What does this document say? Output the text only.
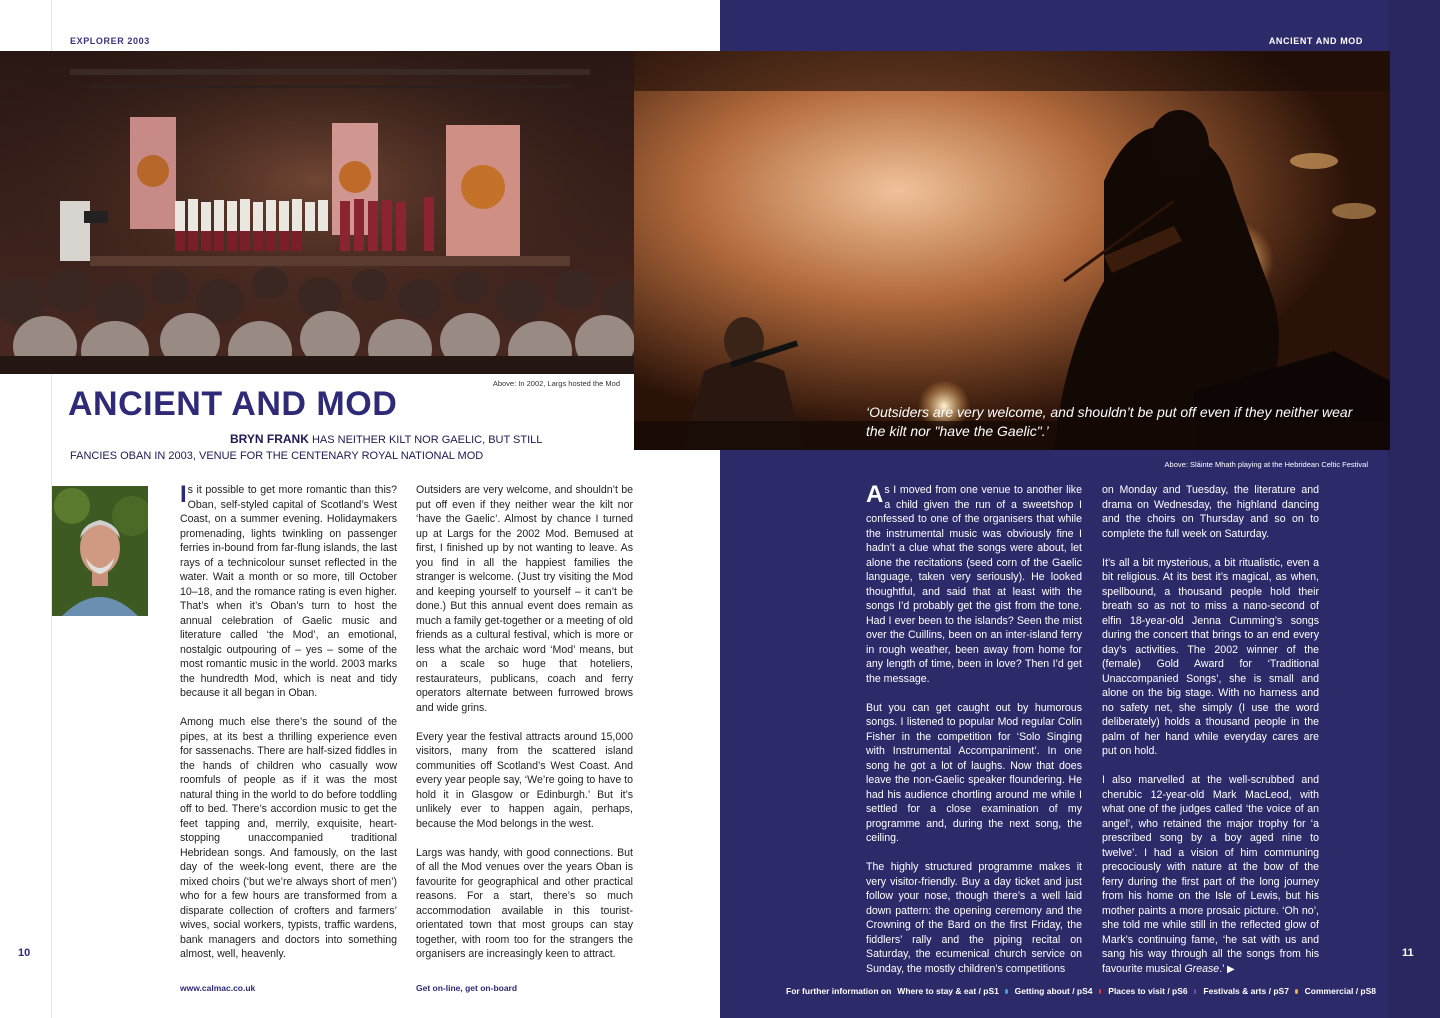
EXPLORER 2003	ANCIENT AND MOD
Above: In 2002, Largs hosted the Mod
‘Outsiders are very welcome, and shouldn’t be put off even if they neither wear the kilt nor "have the Gaelic".’
Above: Sláinte Mhath playing at the Hebridean Celtic Festival
ANCIENT AND MOD
BRYN FRANK HAS NEITHER KILT NOR GAELIC, BUT STILL FANCIES OBAN IN 2003, VENUE FOR THE CENTENARY ROYAL NATIONAL MOD

Is it possible to get more romantic than this? Oban, self-styled capital of Scotland’s West Coast, on a summer evening. Holidaymakers promenading, lights twinkling on passenger ferries in-bound from far-flung islands, the last rays of a technicolour sunset reflected in the water. Wait a month or so more, till October 10–18, and the romance rating is even higher. That’s when it’s Oban’s turn to host the annual celebration of Gaelic music and literature called ‘the Mod’, an emotional, nostalgic outpouring of – yes – some of the most romantic music in the world. 2003 marks the hundredth Mod, which is neat and tidy because it all began in Oban.

Among much else there’s the sound of the pipes, at its best a thrilling experience even for sassenachs. There are half-sized fiddles in the hands of children who casually wow roomfuls of people as if it was the most natural thing in the world to do before toddling off to bed. There’s accordion music to get the feet tapping and, merrily, exquisite, heart-stopping unaccompanied traditional Hebridean songs. And famously, on the last day of the week-long event, there are the mixed choirs (‘but we’re always short of men’) who for a few hours are transformed from a disparate collection of crofters and farmers’ wives, social workers, typists, traffic wardens, bank managers and doctors into something almost, well, heavenly.

Outsiders are very welcome, and shouldn’t be put off even if they neither wear the kilt nor ‘have the Gaelic’. Almost by chance I turned up at Largs for the 2002 Mod. Bemused at first, I finished up by not wanting to leave. As you find in all the happiest families the stranger is welcome. (Just try visiting the Mod and keeping yourself to yourself – it can’t be done.) But this annual event does remain as much a family get-together or a meeting of old friends as a cultural festival, which is more or less what the archaic word ‘Mod’ means, but on a scale so huge that hoteliers, restaurateurs, publicans, coach and ferry operators alternate between furrowed brows and wide grins.

Every year the festival attracts around 15,000 visitors, many from the scattered island communities off Scotland’s West Coast. And every year people say, ‘We’re going to have to hold it in Glasgow or Edinburgh.’ But it’s unlikely ever to happen again, perhaps, because the Mod belongs in the west.

Largs was handy, with good connections. But of all the Mod venues over the years Oban is favourite for geographical and other practical reasons. For a start, there’s so much accommodation available in this tourist-orientated town that most groups can stay together, with room too for the strangers the organisers are increasingly keen to attract.

As I moved from one venue to another like a child given the run of a sweetshop I confessed to one of the organisers that while the instrumental music was obviously fine I hadn’t a clue what the songs were about, let alone the recitations (seed corn of the Gaelic language, taken very seriously). He looked thoughtful, and said that at least with the songs I’d probably get the gist from the tone. Had I ever been to the islands? Seen the mist over the Cuillins, been on an inter-island ferry in rough weather, been away from home for any length of time, been in love? Then I’d get the message.

But you can get caught out by humorous songs. I listened to popular Mod regular Colin Fisher in the competition for ‘Solo Singing with Instrumental Accompaniment’. In one song he got a lot of laughs. Now that does leave the non-Gaelic speaker floundering. He had his audience chortling around me while I settled for a close examination of my programme and, during the next song, the ceiling.

The highly structured programme makes it very visitor-friendly. Buy a day ticket and just follow your nose, though there’s a well laid down pattern: the opening ceremony and the Crowning of the Bard on the first Friday, the fiddlers’ rally and the piping recital on Saturday, the ecumenical church service on Sunday, the mostly children’s competitions

on Monday and Tuesday, the literature and drama on Wednesday, the highland dancing and the choirs on Thursday and so on to complete the full week on Saturday.

It’s all a bit mysterious, a bit ritualistic, even a bit religious. At its best it’s magical, as when, spellbound, a thousand people hold their breath so as not to miss a nano-second of elfin 18-year-old Jenna Cumming’s songs during the concert that brings to an end every day’s activities. The 2002 winner of the (female) Gold Award for ‘Traditional Unaccompanied Songs’, she is small and alone on the big stage. With no harness and no safety net, she simply (I use the word deliberately) holds a thousand people in the palm of her hand while everyday cares are put on hold.

I also marvelled at the well-scrubbed and cherubic 12-year-old Mark MacLeod, with what one of the judges called ‘the voice of an angel’, who retained the major trophy for ‘a prescribed song by a boy aged nine to twelve’. I had a vision of him communing precociously with nature at the bow of the ferry during the first part of the long journey from his home on the Isle of Lewis, but his mother paints a more prosaic picture. ‘Oh no’, she told me while still in the reflected glow of Mark’s continuing fame, ‘he sat with us and sang his way through all the songs from his favourite musical Grease.’ ▶

10	11
www.calmac.co.uk	Get on-line, get on-board	For further information on Where to stay & eat / pS1 Getting about / pS4 Places to visit / pS6 Festivals & arts / pS7 Commercial / pS8
